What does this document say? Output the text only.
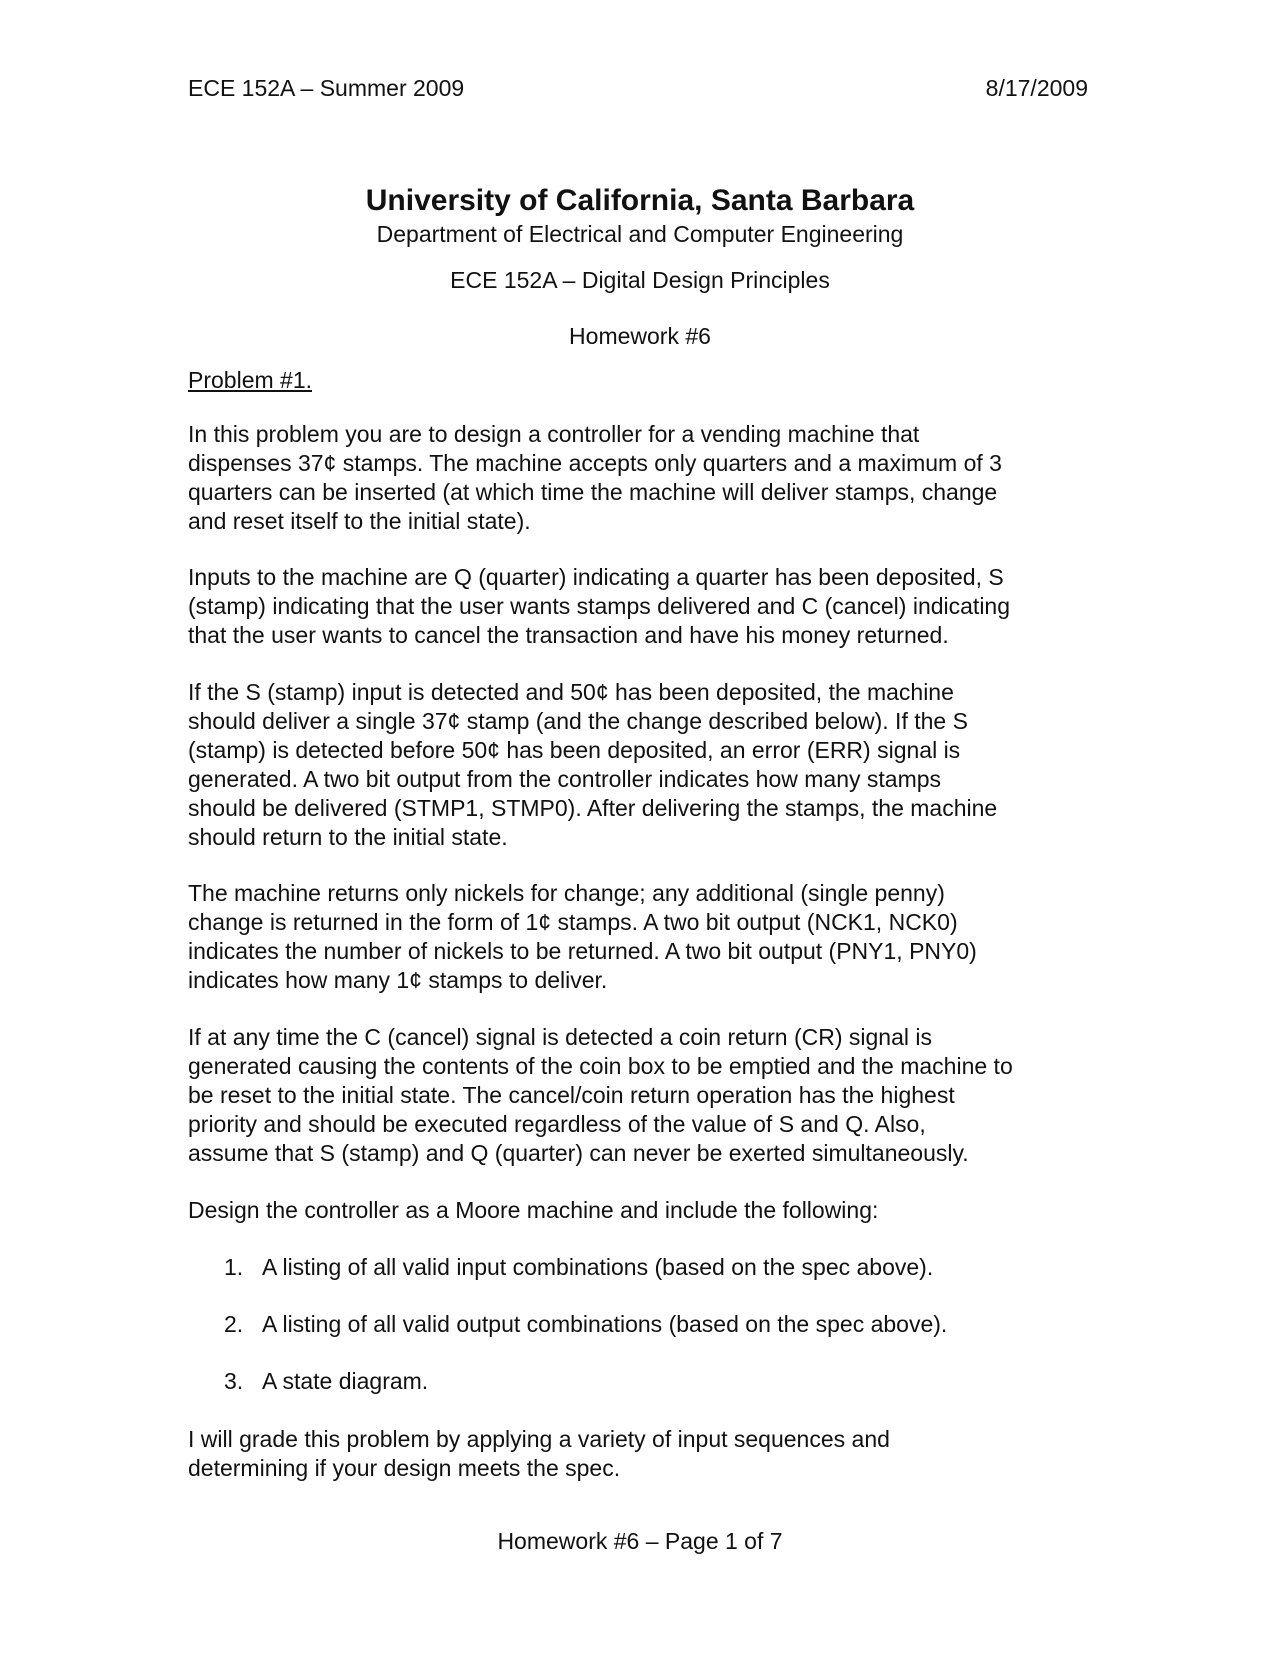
ECE 152A – Summer 2009	8/17/2009
University of California, Santa Barbara
Department of Electrical and Computer Engineering
ECE 152A – Digital Design Principles
Homework #6
Problem #1.

In this problem you are to design a controller for a vending machine that
dispenses 37¢ stamps. The machine accepts only quarters and a maximum of 3
quarters can be inserted (at which time the machine will deliver stamps, change
and reset itself to the initial state).

Inputs to the machine are Q (quarter) indicating a quarter has been deposited, S
(stamp) indicating that the user wants stamps delivered and C (cancel) indicating
that the user wants to cancel the transaction and have his money returned.

If the S (stamp) input is detected and 50¢ has been deposited, the machine
should deliver a single 37¢ stamp (and the change described below). If the S
(stamp) is detected before 50¢ has been deposited, an error (ERR) signal is
generated. A two bit output from the controller indicates how many stamps
should be delivered (STMP1, STMP0). After delivering the stamps, the machine
should return to the initial state.

The machine returns only nickels for change; any additional (single penny)
change is returned in the form of 1¢ stamps. A two bit output (NCK1, NCK0)
indicates the number of nickels to be returned. A two bit output (PNY1, PNY0)
indicates how many 1¢ stamps to deliver.

If at any time the C (cancel) signal is detected a coin return (CR) signal is
generated causing the contents of the coin box to be emptied and the machine to
be reset to the initial state. The cancel/coin return operation has the highest
priority and should be executed regardless of the value of S and Q. Also,
assume that S (stamp) and Q (quarter) can never be exerted simultaneously.

Design the controller as a Moore machine and include the following:

1. A listing of all valid input combinations (based on the spec above).
2. A listing of all valid output combinations (based on the spec above).
3. A state diagram.

I will grade this problem by applying a variety of input sequences and
determining if your design meets the spec.

Homework #6 – Page 1 of 7
